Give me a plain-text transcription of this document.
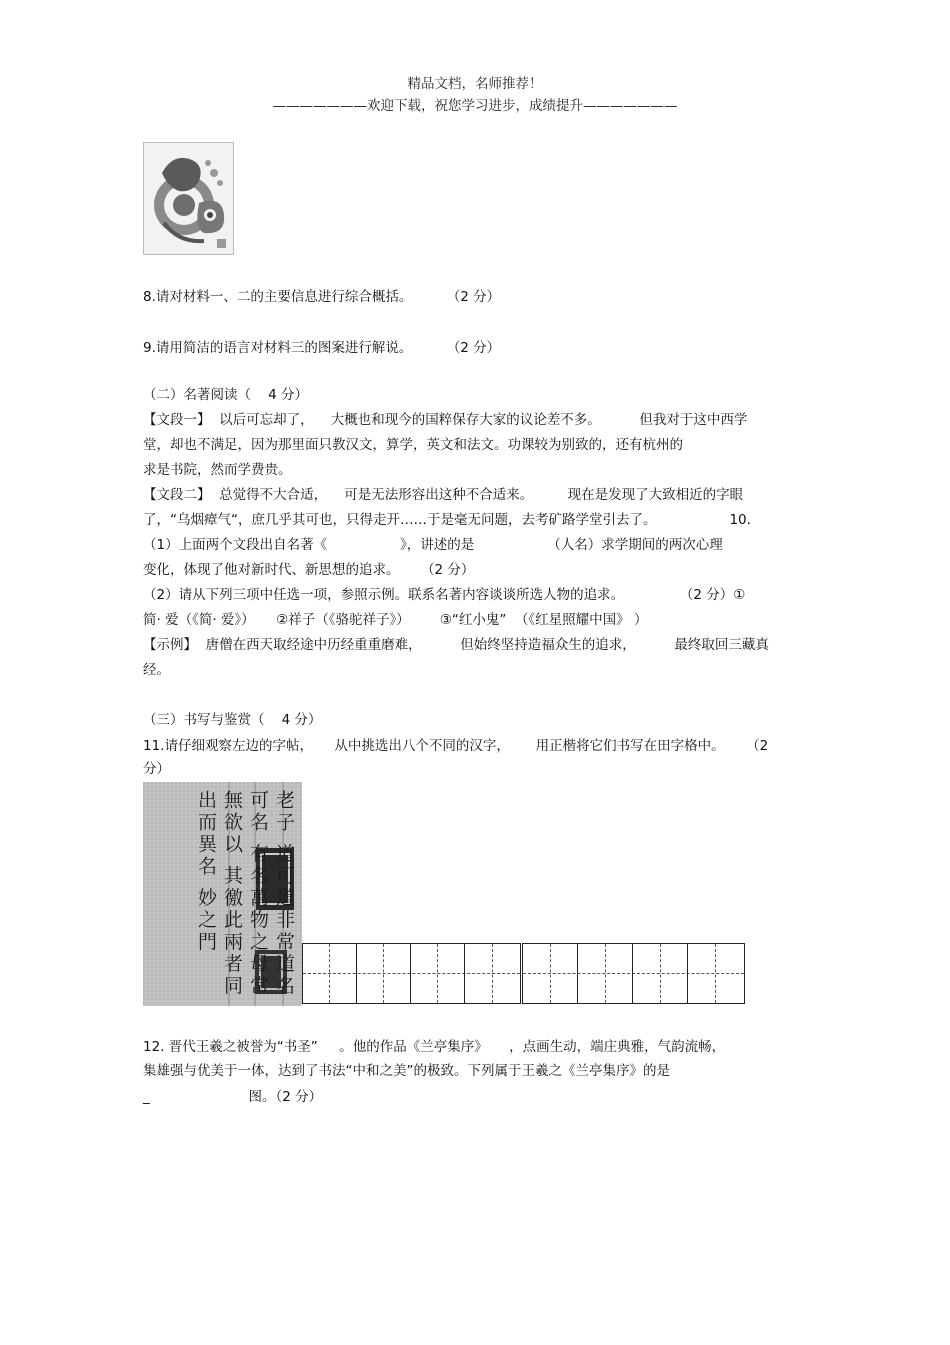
精品文档，名师推荐！
———————欢迎下载，祝您学习进步，成绩提升———————
8.请对材料一、二的主要信息进行综合概括。        （2 分）
9.请用简洁的语言对材料三的图案进行解说。        （2 分）
（二）名著阅读（    4 分）
【文段一】  以后可忘却了，    大概也和现今的国粹保存大家的议论差不多。         但我对于这中西学
堂，却也不满足，因为那里面只教汉文，算学，英文和法文。功课较为别致的，还有杭州的
求是书院，然而学费贵。
【文段二】  总觉得不大合适，    可是无法形容出这种不合适来。        现在是发现了大致相近的字眼
了，“乌烟瘴气“，庶几乎其可也，只得走开……于是毫无问题，去考矿路学堂引去了。                 10.
（1）上面两个文段出自名著《                 》，讲述的是                 （人名）求学期间的两次心理
变化，体现了他对新时代、新思想的追求。     （2 分）
（2）请从下列三项中任选一项，参照示例。联系名著内容谈谈所选人物的追求。             （2 分）①
简· 爱（《简· 爱》）     ②祥子（《骆驼祥子》）       ③“红小鬼”  （《红星照耀中国》 ）
【示例】  唐僧在西天取经途中历经重重磨难，         但始终坚持造福众生的追求，         最终取回三藏真
经。
（三）书写与鉴赏（    4 分）
11.请仔细观察左边的字帖，     从中挑选出八个不同的汉字，      用正楷将它们书写在田字格中。     （2
分）
老子 道可道非常道名可名 有名萬物之母常無欲以 其徼此兩者同出而異名 妙之門
12. 晋代王羲之被誉为“书圣”     。他的作品《兰亭集序》     ，点画生动，端庄典雅，气韵流畅，
集雄强与优美于一体，达到了书法“中和之美”的极致。下列属于王羲之《兰亭集序》的是
_                       图。（2 分）
